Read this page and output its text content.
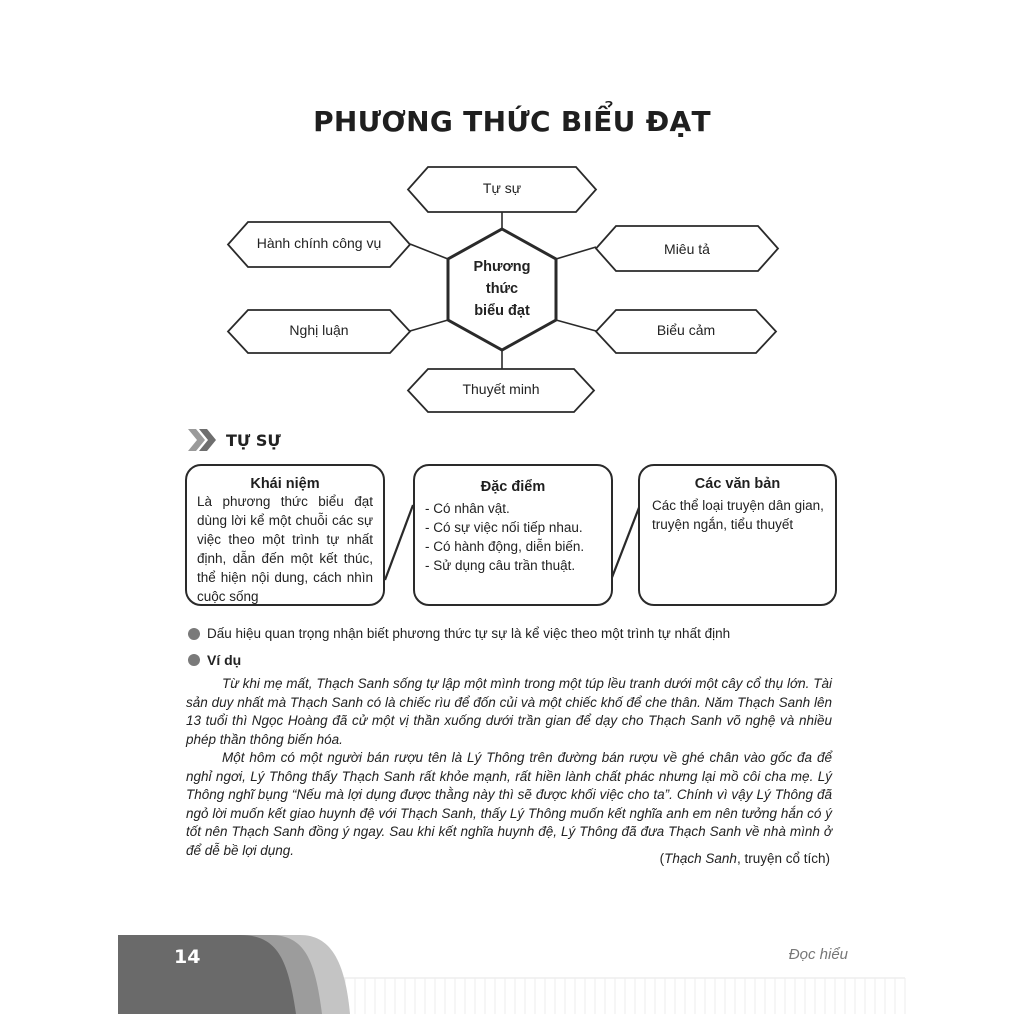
PHƯƠNG THỨC BIỂU ĐẠT
Phương
thức
biểu đạt
Tự sự
Hành chính công vụ	Miêu tả
Nghị luận	Biểu cảm
Thuyết minh
TỰ SỰ
Khái niệm
Là phương thức biểu đạt dùng lời kể một chuỗi các sự việc theo một trình tự nhất định, dẫn đến một kết thúc, thể hiện nội dung, cách nhìn cuộc sống
Đặc điểm
- Có nhân vật.
- Có sự việc nối tiếp nhau.
- Có hành động, diễn biến.
- Sử dụng câu trần thuật.
Các văn bản
Các thể loại truyện dân gian, truyện ngắn, tiểu thuyết
Dấu hiệu quan trọng nhận biết phương thức tự sự là kể việc theo một trình tự nhất định
Ví dụ

Từ khi mẹ mất, Thạch Sanh sống tự lập một mình trong một túp lều tranh dưới một cây cổ thụ lớn. Tài sản duy nhất mà Thạch Sanh có là chiếc rìu để đốn củi và một chiếc khố để che thân. Năm Thạch Sanh lên 13 tuổi thì Ngọc Hoàng đã cử một vị thần xuống dưới trần gian để dạy cho Thạch Sanh võ nghệ và nhiều phép thần thông biến hóa.

Một hôm có một người bán rượu tên là Lý Thông trên đường bán rượu về ghé chân vào gốc đa để nghỉ ngơi, Lý Thông thấy Thạch Sanh rất khỏe mạnh, rất hiền lành chất phác nhưng lại mồ côi cha mẹ. Lý Thông nghĩ bụng “Nếu mà lợi dụng được thằng này thì sẽ được khối việc cho ta”. Chính vì vậy Lý Thông đã ngỏ lời muốn kết giao huynh đệ với Thạch Sanh, thấy Lý Thông muốn kết nghĩa anh em nên tưởng hắn có ý tốt nên Thạch Sanh đồng ý ngay. Sau khi kết nghĩa huynh đệ, Lý Thông đã đưa Thạch Sanh về nhà mình ở để dễ bề lợi dụng.

(Thạch Sanh, truyện cổ tích)
14	Đọc hiểu
